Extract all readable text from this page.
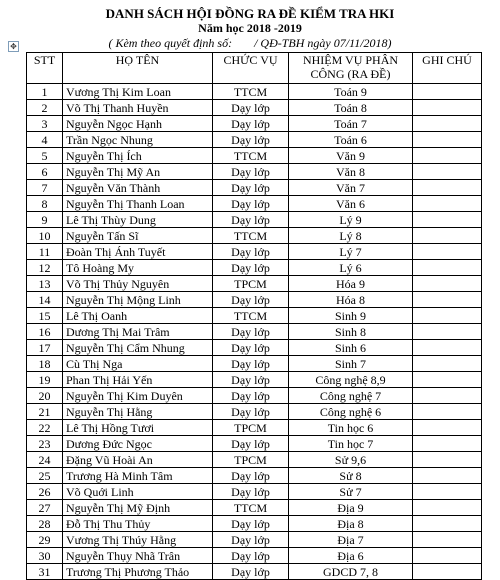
DANH SÁCH HỘI ĐỒNG RA ĐỀ KIỂM TRA HKI
Năm học 2018 -2019
( Kèm theo quyết định số: / QĐ-TBH ngày 07/11/2018)
✥
STT	HỌ TÊN	CHỨC VỤ	NHIỆM VỤ PHÂN CÔNG (RA ĐỀ)	GHI CHÚ
1	Vương Thị Kim Loan	TTCM	Toán 9	
2	Võ Thị Thanh Huyền	Dạy lớp	Toán 8	
3	Nguyễn Ngọc Hạnh	Dạy lớp	Toán 7	
4	Trần Ngọc Nhung	Dạy lớp	Toán 6	
5	Nguyễn Thị Ích	TTCM	Văn 9	
6	Nguyễn Thị Mỹ An	Dạy lớp	Văn 8	
7	Nguyễn Văn Thành	Dạy lớp	Văn 7	
8	Nguyễn Thị Thanh Loan	Dạy lớp	Văn 6	
9	Lê Thị Thùy Dung	Dạy lớp	Lý 9	
10	Nguyễn Tấn Sĩ	TTCM	Lý 8	
11	Đoàn Thị Ánh Tuyết	Dạy lớp	Lý 7	
12	Tô Hoàng My	Dạy lớp	Lý 6	
13	Võ Thị Thủy Nguyên	TPCM	Hóa 9	
14	Nguyễn Thị Mộng Linh	Dạy lớp	Hóa 8	
15	Lê Thị Oanh	TTCM	Sinh 9	
16	Dương Thị Mai Trâm	Dạy lớp	Sinh 8	
17	Nguyễn Thị Cẩm Nhung	Dạy lớp	Sinh 6	
18	Cù Thị Nga	Dạy lớp	Sinh 7	
19	Phan Thị Hải Yến	Dạy lớp	Công nghệ 8,9	
20	Nguyễn Thị Kim Duyên	Dạy lớp	Công nghệ 7	
21	Nguyễn Thị Hằng	Dạy lớp	Công nghệ 6	
22	Lê Thị Hồng Tươi	TPCM	Tin học 6	
23	Dương Đức Ngọc	Dạy lớp	Tin học 7	
24	Đặng Vũ Hoài An	TPCM	Sử 9,6	
25	Trương Hà Minh Tâm	Dạy lớp	Sử 8	
26	Võ Quới Linh	Dạy lớp	Sử 7	
27	Nguyễn Thị Mỹ Định	TTCM	Địa 9	
28	Đỗ Thị Thu Thủy	Dạy lớp	Địa 8	
29	Vương Thị Thúy Hằng	Dạy lớp	Địa 7	
30	Nguyễn Thụy Nhã Trân	Dạy lớp	Địa 6	
31	Trương Thị Phương Thảo	Dạy lớp	GDCD 7, 8	
